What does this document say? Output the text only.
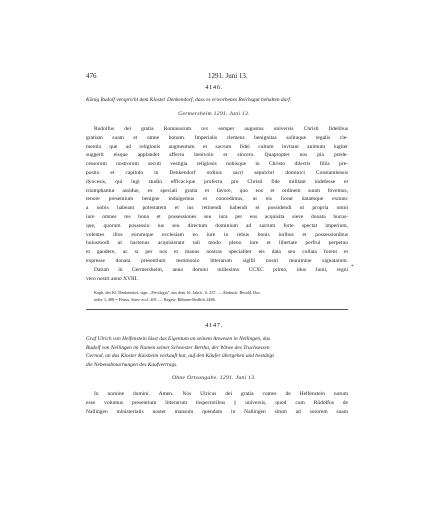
476	1291. Juni 13.
4146.
König Rudolf verspricht dem Kloster Denkendorf, dass es erworbenes Reichsgut behalten darf.
Germersheim 1291. Juni 13.
Rudolfus dei gratia Romanorum rex semper augustus universis Christi fidelibus
gratiam suam et omne bonum. Imperialis clemens benignitas solitaque regalis cle-
mentia que ad religionis augmentum et sacrum fidei cultum invitant animum iugiter
suggerit eisque applandet affectu benivolo et sincero. Quapropter nos pia prede-
cessorum nostrorum secuti vestigia religiosis nobisque in Christo dilectis filiis pre-
posito et capitulo in Denkendorf ordinis sacri sepulchri dominici Constantiensis
dyocesis, qui ingi studio efficacique profectu pro Christi fide militant indefesse et
triumphantur assidue, ex speciali gratia et favore, quo eos et ordinem suum fovemus,
tenore presentium benigne indulgemus et concedimus, ut eis liceat datamque exnunc
a nobis habeant potestatem et ius retinendi habendi et possidendi ut propria omni
iure omnes res bona et possessiones seu iura per eos acquisita sieve donata hucus-
que, quorum possessio ius seu directum dominium ad sacrum forte spectat imperium,
volentes illos eorumque ecclesiam eo iure in rebus bonis iuribus et possessionibus
huiusmodi ut hactenus acquisierant tali modo pleno iure et libertate perfrui perpetuo
et gaudere, ac si per nos et manus nostras specialiter eis data seu collata forent et
expresse donata presentium testimonio litterarum sigilli nostri munimine signatarum.
Datum in Germersheim, anno domini millesimo CCXC primo, idus Junii, regni
vero nostri anno XVIII.
*
Kopb. des Kl. Denkendorf, sign. „Privilegia", aus dem 16. Jahrh., S. 237. — Abdruck: Besold, Doc.
rediv. I, 408 = Petrus, Suev. eccl. 205. — Regest: Böhmer-Redlich 2486.
4147.
Graf Ulrich von Helfenstein lässt das Eigentum an seinem Anwesen in Nellingen, das
Rudolf von Nellingen im Namen seiner Schwester Bertha, der Witwe des Truchsessen
Gernod, an das Kloster Kaisheim verkauft hat, auf den Käufer übergehen und bestätigt
die Nebenabmachungen des Kaufvertrags.
Ohne Ortsangabe. 1291. Juni 13.
In nomine domini. Amen. Nos Ulricus dei gratia comes de Helfenstein notum
esse volumus presentium litterarum inspectoribus || universis, quod cum Rūdolfus de
Nallingen ministerialis noster mansum quendam in Nallingen situm ad sororem suam
